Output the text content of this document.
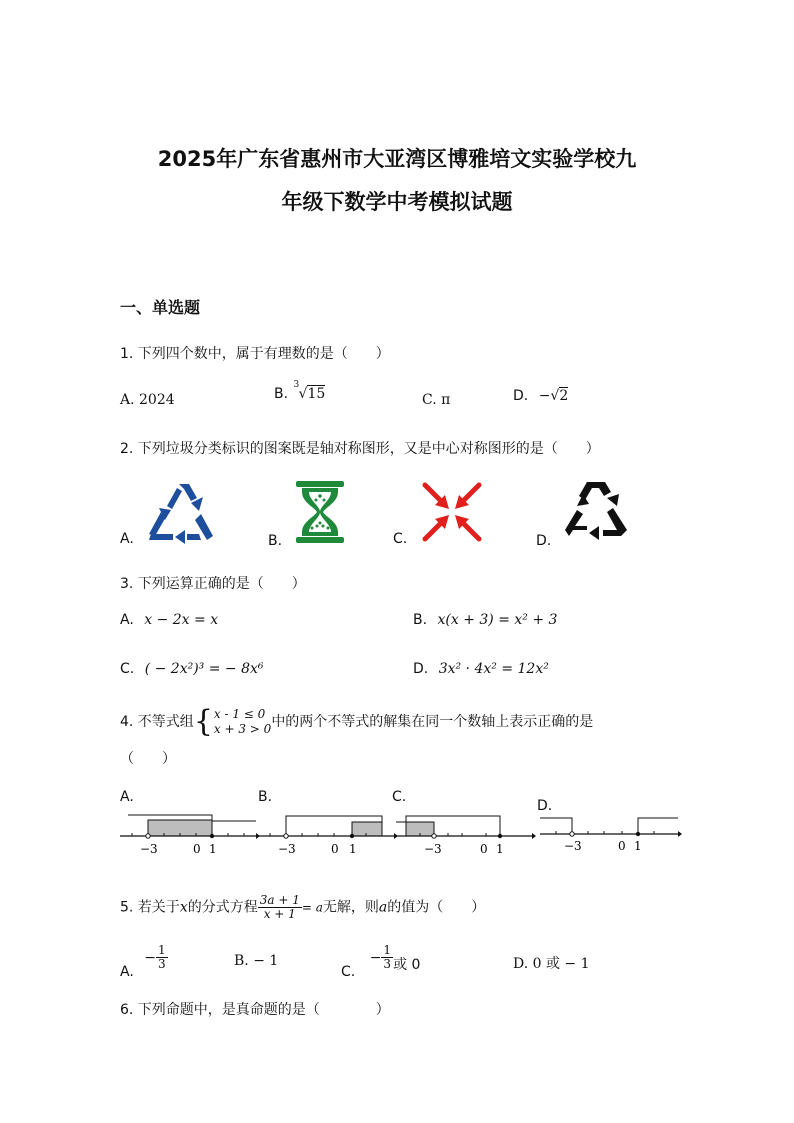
2025年广东省惠州市大亚湾区博雅培文实验学校九
年级下数学中考模拟试题
一、单选题
1. 下列四个数中，属于有理数的是（　　）
A. 2024	B.
3
√15	C. π	D. −√2
2. 下列垃圾分类标识的图案既是轴对称图形，又是中心对称图形的是（　　）
A.	B.	C.	D.
3. 下列运算正确的是（　　）
A. x − 2x = x	B. x(x + 3) = x² + 3
C. ( − 2x²)³ = − 8x⁶	D. 3x² · 4x² = 12x²
4. 不等式组 { x - 1 ≤ 0
x + 3 > 0 中的两个不等式的解集在同一个数轴上表示正确的是
（　　）
A.	B.	C.
D.
−3	0 1	−3	0 1	−3	0 1	−3	0 1
5. 若关于x的分式方程 $\frac{3a + 1}{x + 1} = a$无解，则a的值为（　　）
A. − $\frac{1}{3}$	B. − 1
C. − $\frac{1}{3}$ 或 0	D. 0 或 − 1
6. 下列命题中，是真命题的是（　　　　）
